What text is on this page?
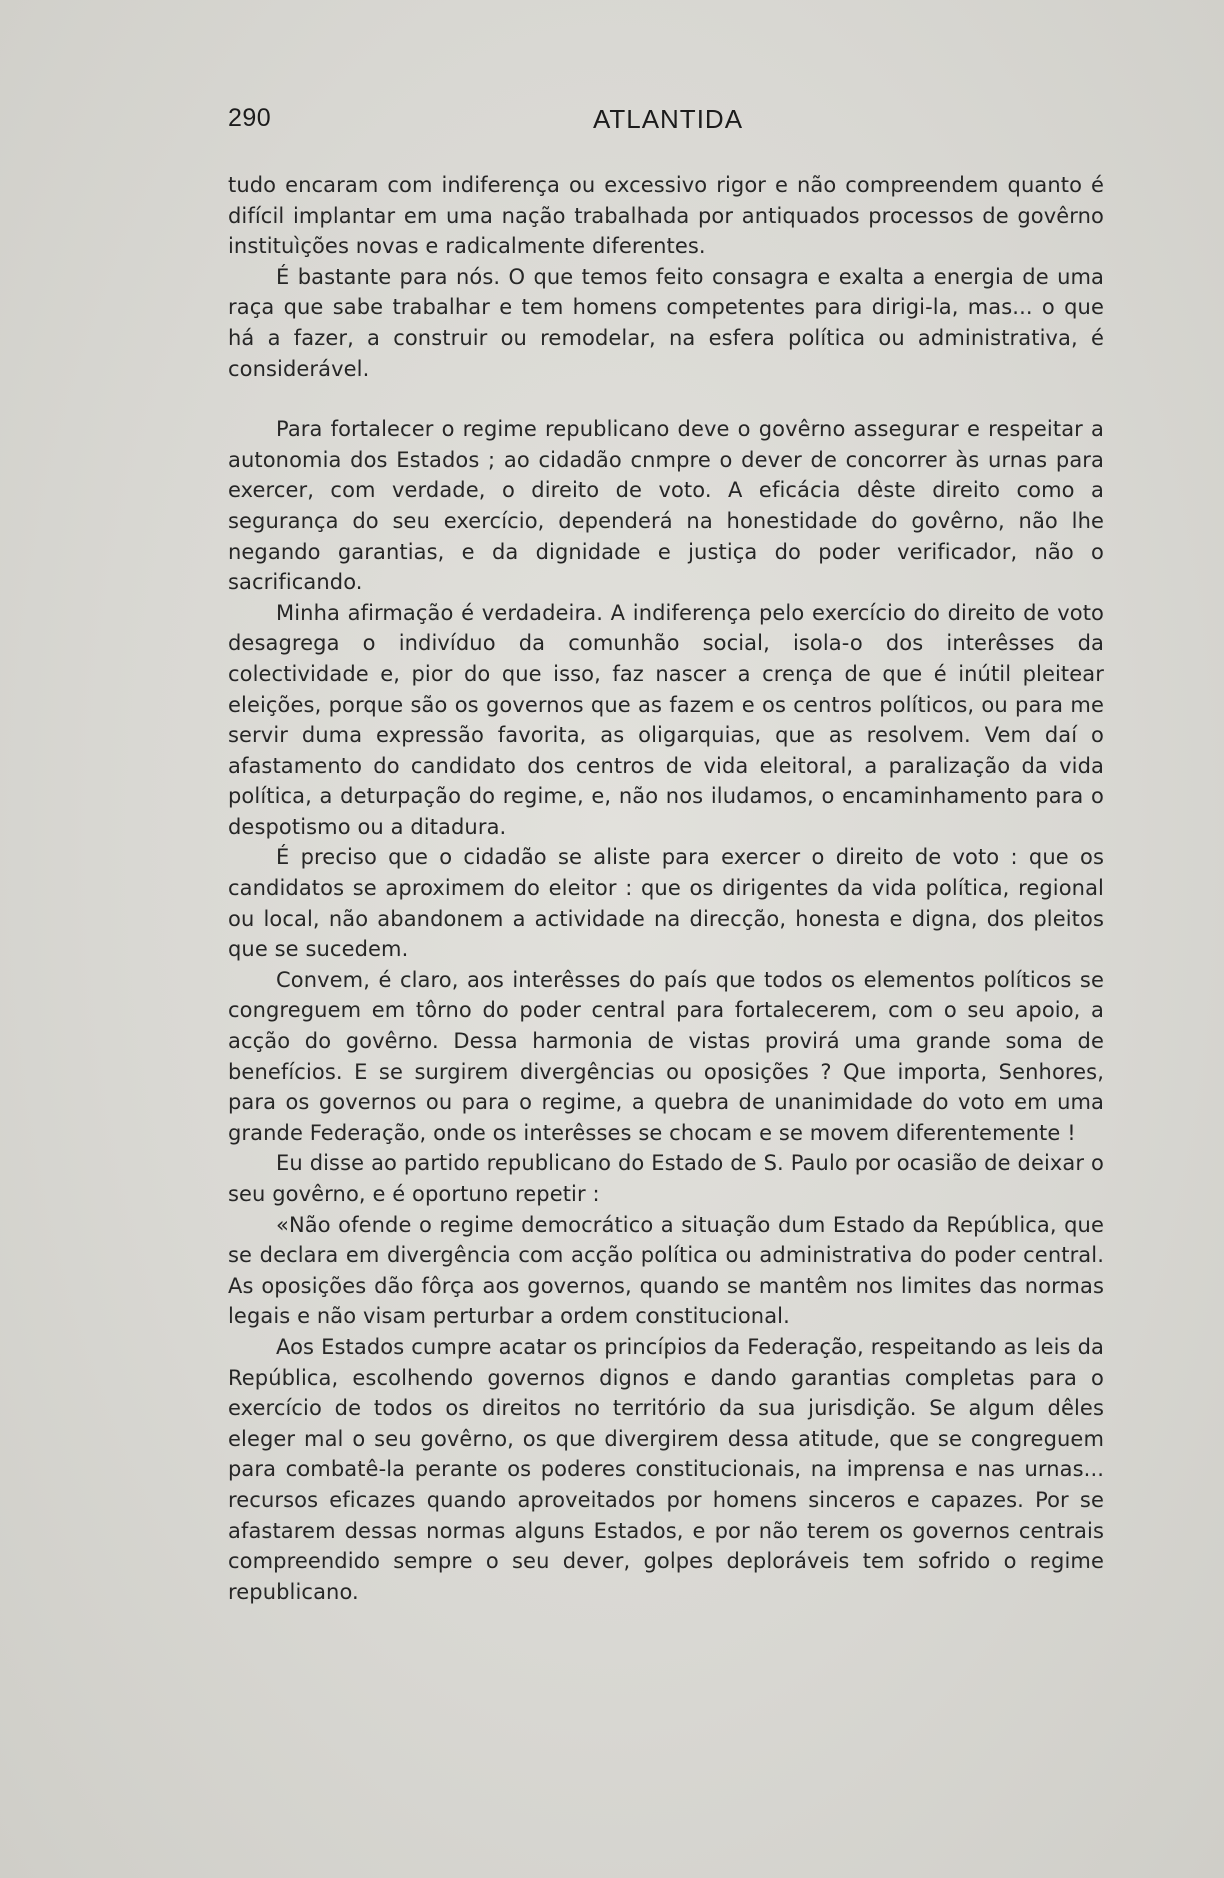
290	ATLANTIDA

tudo encaram com indiferença ou excessivo rigor e não compreendem quanto é difícil implantar em uma nação trabalhada por antiquados processos de govêrno instituìções novas e radicalmente diferentes.

É bastante para nós. O que temos feito consagra e exalta a energia de uma raça que sabe trabalhar e tem homens competentes para dirigi-la, mas... o que há a fazer, a construir ou remodelar, na esfera política ou administrativa, é considerável.

Para fortalecer o regime republicano deve o govêrno assegurar e respeitar a autonomia dos Estados ; ao cidadão cnmpre o dever de concorrer às urnas para exercer, com verdade, o direito de voto. A eficácia dêste direito como a segurança do seu exercício, dependerá na honestidade do govêrno, não lhe negando garantias, e da dignidade e justiça do poder verificador, não o sacrificando.

Minha afirmação é verdadeira. A indiferença pelo exercício do direito de voto desagrega o indivíduo da comunhão social, isola-o dos interêsses da colectividade e, pior do que isso, faz nascer a crença de que é inútil pleitear eleições, porque são os governos que as fazem e os centros políticos, ou para me servir duma expressão favorita, as oligarquias, que as resolvem. Vem daí o afastamento do candidato dos centros de vida eleitoral, a paralização da vida política, a deturpação do regime, e, não nos iludamos, o encaminhamento para o despotismo ou a ditadura.

É preciso que o cidadão se aliste para exercer o direito de voto : que os candidatos se aproximem do eleitor : que os dirigentes da vida política, regional ou local, não abandonem a actividade na direcção, honesta e digna, dos pleitos que se sucedem.

Convem, é claro, aos interêsses do país que todos os elementos políticos se congreguem em tôrno do poder central para fortalecerem, com o seu apoio, a acção do govêrno. Dessa harmonia de vistas provirá uma grande soma de benefícios. E se surgirem divergências ou oposições ? Que importa, Senhores, para os governos ou para o regime, a quebra de unanimidade do voto em uma grande Federação, onde os interêsses se chocam e se movem diferentemente !

Eu disse ao partido republicano do Estado de S. Paulo por ocasião de deixar o seu govêrno, e é oportuno repetir :

«Não ofende o regime democrático a situação dum Estado da República, que se declara em divergência com acção política ou administrativa do poder central. As oposições dão fôrça aos governos, quando se mantêm nos limites das normas legais e não visam perturbar a ordem constitucional.

Aos Estados cumpre acatar os princípios da Federação, respeitando as leis da República, escolhendo governos dignos e dando garantias completas para o exercício de todos os direitos no território da sua jurisdição. Se algum dêles eleger mal o seu govêrno, os que divergirem dessa atitude, que se congreguem para combatê-la perante os poderes constitucionais, na imprensa e nas urnas... recursos eficazes quando aproveitados por homens sinceros e capazes. Por se afastarem dessas normas alguns Estados, e por não terem os governos centrais compreendido sempre o seu dever, golpes deploráveis tem sofrido o regime republicano.
